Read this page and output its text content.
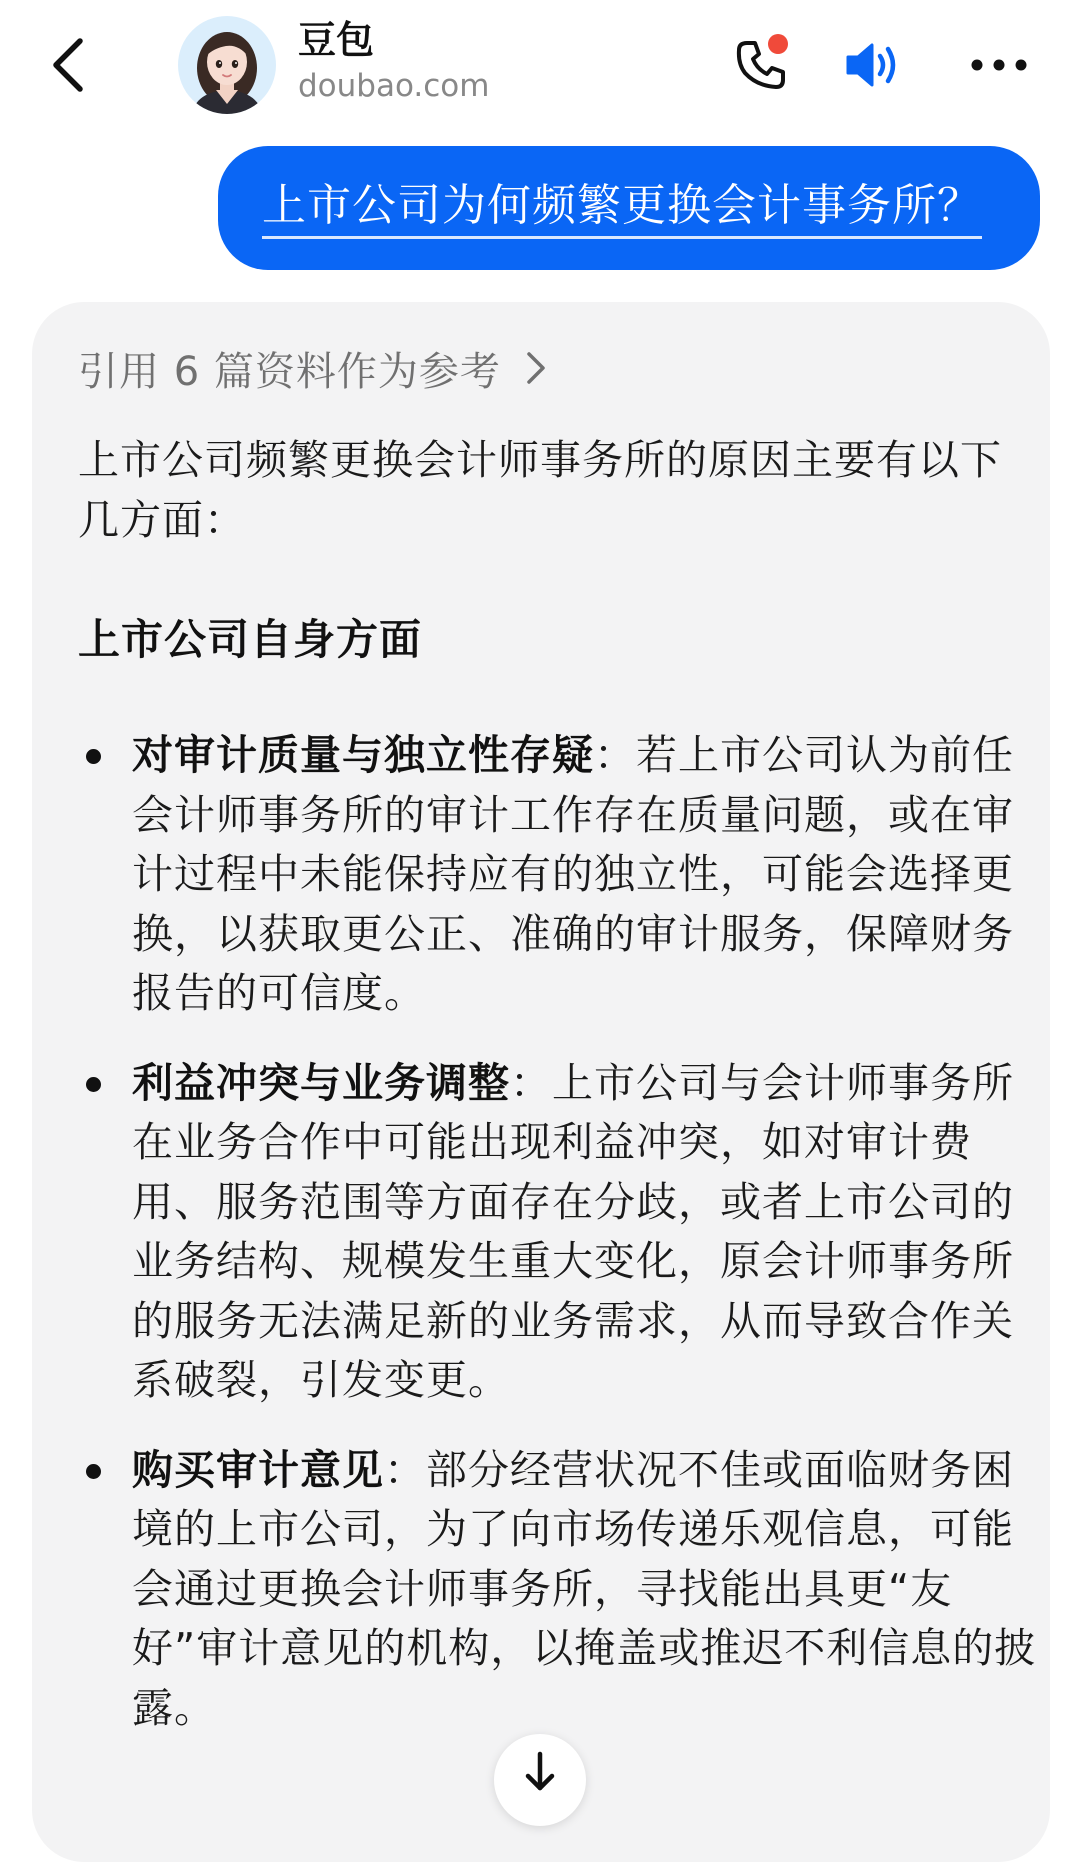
豆包
doubao.com
上市公司为何频繁更换会计事务所？
引用 6 篇资料作为参考
上市公司频繁更换会计师事务所的原因主要有以下几方面：
上市公司自身方面
对审计质量与独立性存疑：若上市公司认为前任会计师事务所的审计工作存在质量问题，或在审计过程中未能保持应有的独立性，可能会选择更换，以获取更公正、准确的审计服务，保障财务报告的可信度。
利益冲突与业务调整：上市公司与会计师事务所在业务合作中可能出现利益冲突，如对审计费用、服务范围等方面存在分歧，或者上市公司的业务结构、规模发生重大变化，原会计师事务所的服务无法满足新的业务需求，从而导致合作关系破裂，引发变更。
购买审计意见：部分经营状况不佳或面临财务困境的上市公司，为了向市场传递乐观信息，可能会通过更换会计师事务所，寻找能出具更“友好”审计意见的机构，以掩盖或推迟不利信息的披露。
